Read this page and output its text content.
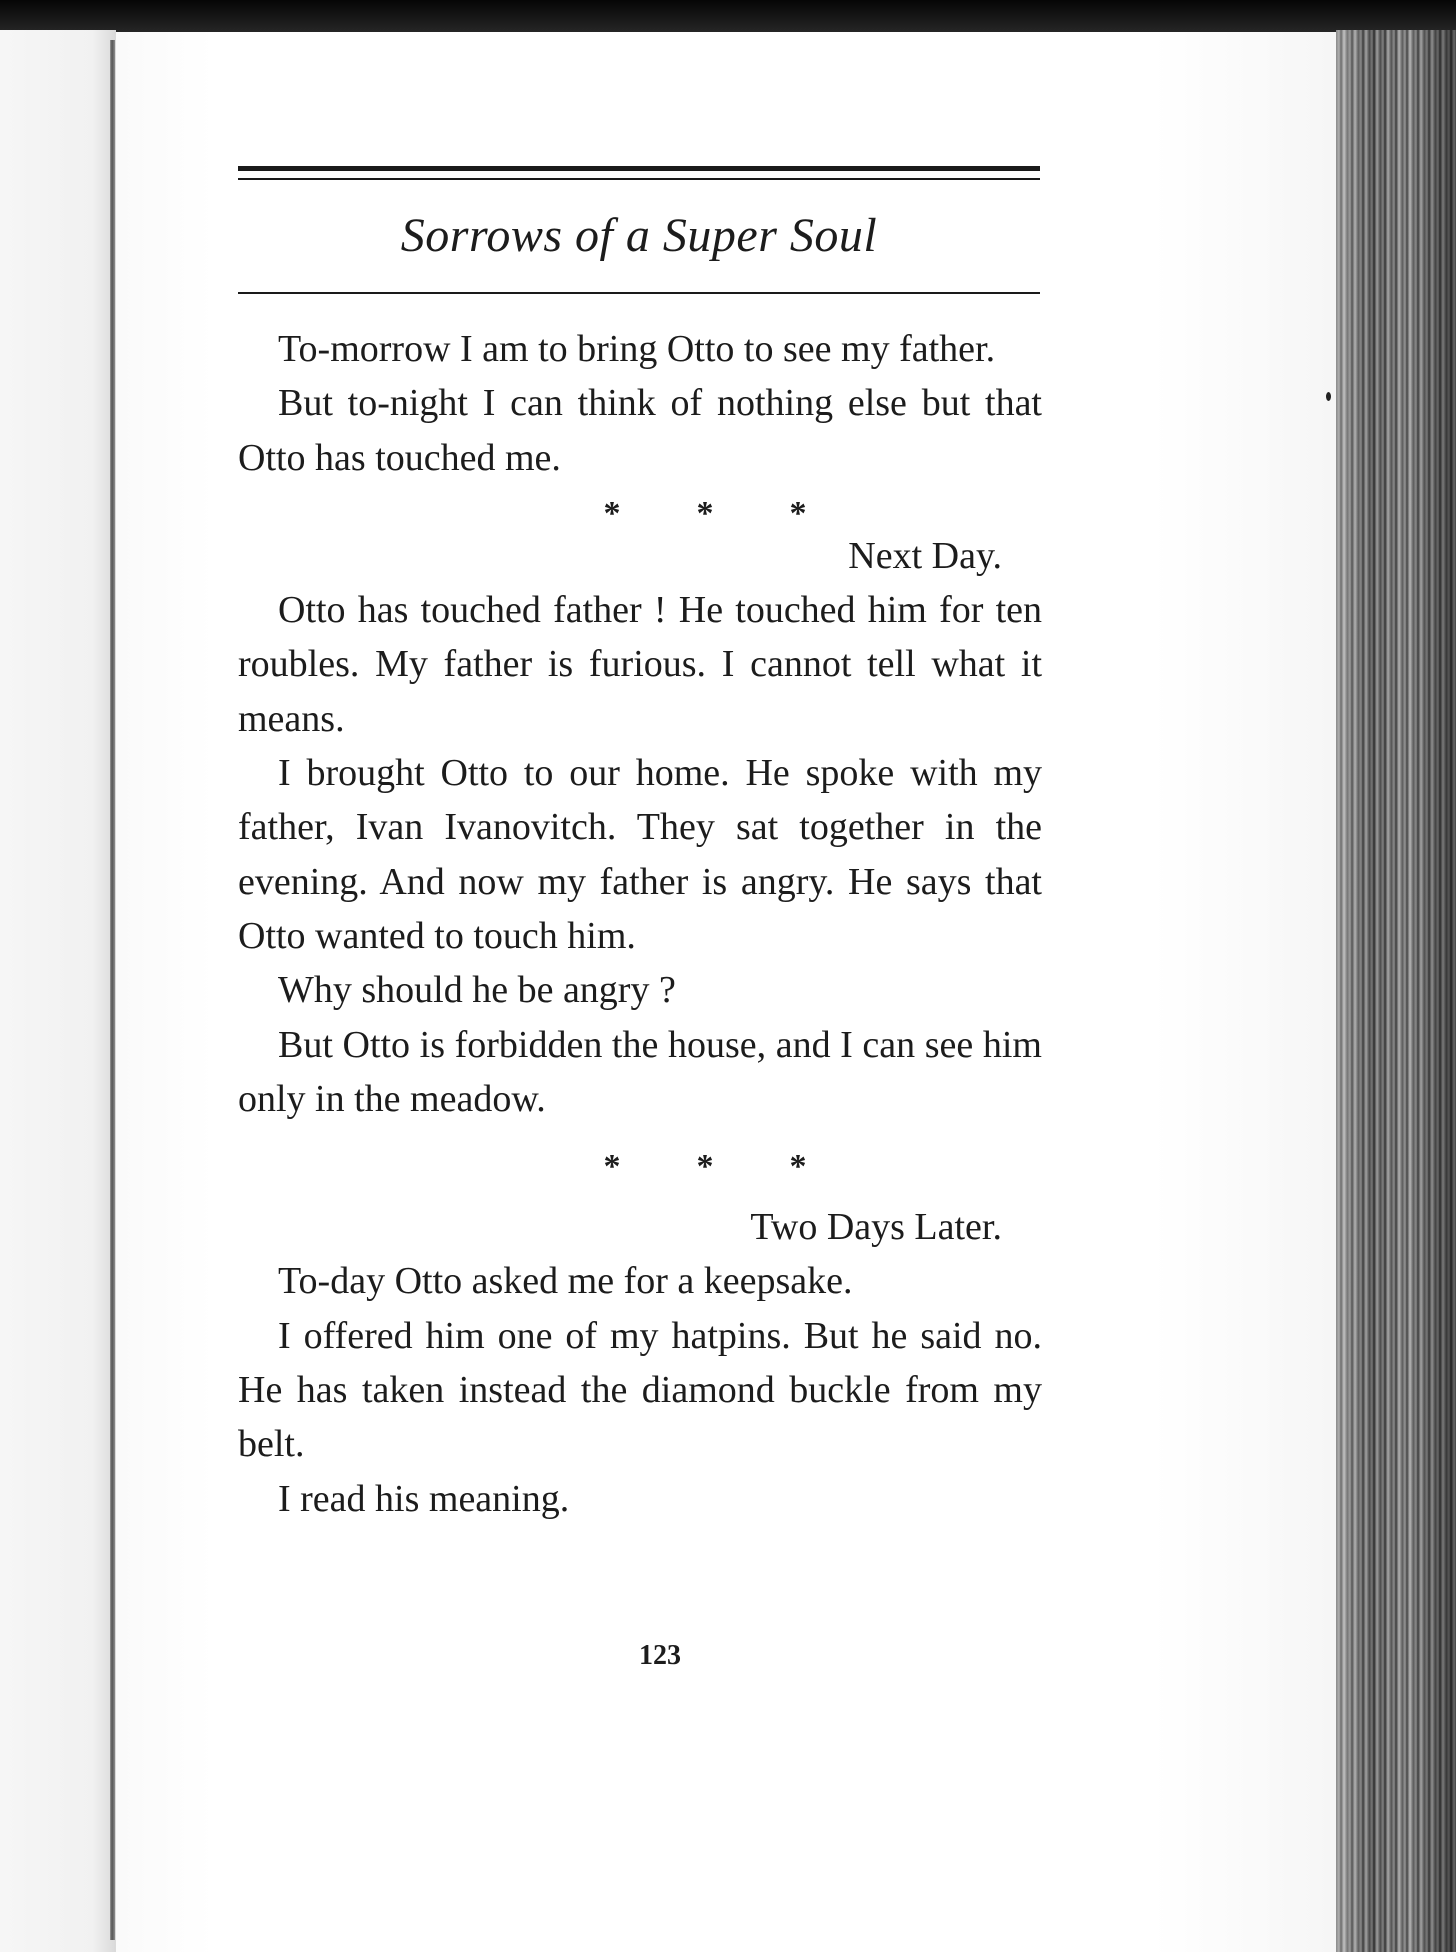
Sorrows of a Super Soul

To-morrow I am to bring Otto to see my father.

But to-night I can think of nothing else but that Otto has touched me.

* * *

Next Day.

Otto has touched father ! He touched him for ten roubles. My father is furious. I cannot tell what it means.

I brought Otto to our home. He spoke with my father, Ivan Ivanovitch. They sat together in the evening. And now my father is angry. He says that Otto wanted to touch him.

Why should he be angry ?

But Otto is forbidden the house, and I can see him only in the meadow.

* * *

Two Days Later.

To-day Otto asked me for a keepsake.

I offered him one of my hatpins. But he said no. He has taken instead the diamond buckle from my belt.

I read his meaning.

123
